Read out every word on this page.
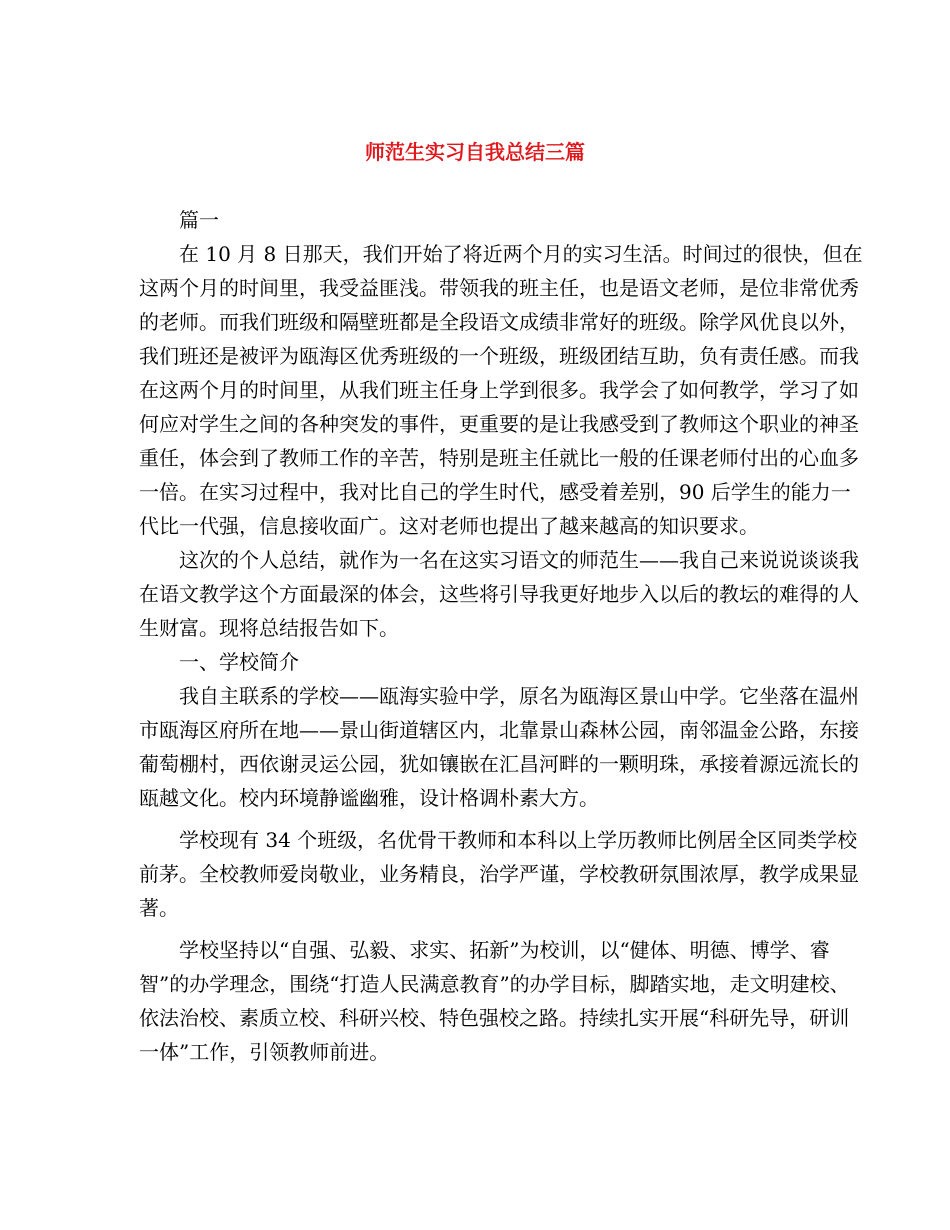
师范生实习自我总结三篇
篇一
在 10 月 8 日那天，我们开始了将近两个月的实习生活。时间过的很快，但在
这两个月的时间里，我受益匪浅。带领我的班主任，也是语文老师，是位非常优秀
的老师。而我们班级和隔壁班都是全段语文成绩非常好的班级。除学风优良以外，
我们班还是被评为瓯海区优秀班级的一个班级，班级团结互助，负有责任感。而我
在这两个月的时间里，从我们班主任身上学到很多。我学会了如何教学，学习了如
何应对学生之间的各种突发的事件，更重要的是让我感受到了教师这个职业的神圣
重任，体会到了教师工作的辛苦，特别是班主任就比一般的任课老师付出的心血多
一倍。在实习过程中，我对比自己的学生时代，感受着差别，90 后学生的能力一
代比一代强，信息接收面广。这对老师也提出了越来越高的知识要求。
这次的个人总结，就作为一名在这实习语文的师范生——我自己来说说谈谈我
在语文教学这个方面最深的体会，这些将引导我更好地步入以后的教坛的难得的人
生财富。现将总结报告如下。
一、学校简介
我自主联系的学校——瓯海实验中学，原名为瓯海区景山中学。它坐落在温州
市瓯海区府所在地——景山街道辖区内，北靠景山森林公园，南邻温金公路，东接
葡萄棚村，西依谢灵运公园，犹如镶嵌在汇昌河畔的一颗明珠，承接着源远流长的
瓯越文化。校内环境静谧幽雅，设计格调朴素大方。
学校现有 34 个班级，名优骨干教师和本科以上学历教师比例居全区同类学校
前茅。全校教师爱岗敬业，业务精良，治学严谨，学校教研氛围浓厚，教学成果显
著。
学校坚持以“自强、弘毅、求实、拓新”为校训，以“健体、明德、博学、睿
智”的办学理念，围绕“打造人民满意教育”的办学目标，脚踏实地，走文明建校、
依法治校、素质立校、科研兴校、特色强校之路。持续扎实开展“科研先导，研训
一体”工作，引领教师前进。
